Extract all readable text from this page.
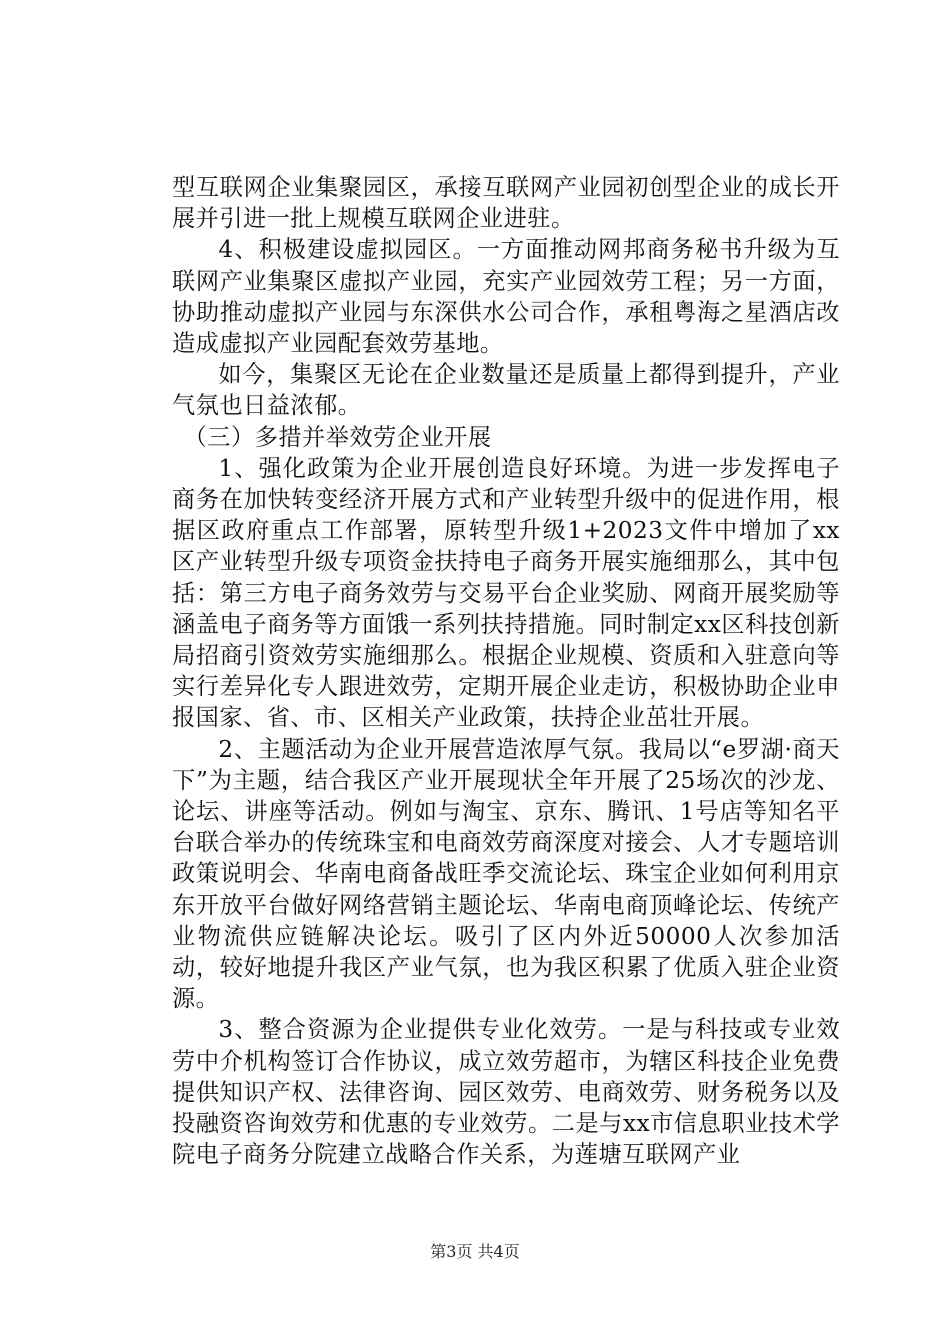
型互联网企业集聚园区，承接互联网产业园初创型企业的成长开展并引进一批上规模互联网企业进驻。

4、积极建设虚拟园区。一方面推动网邦商务秘书升级为互联网产业集聚区虚拟产业园，充实产业园效劳工程；另一方面，协助推动虚拟产业园与东深供水公司合作，承租粤海之星酒店改造成虚拟产业园配套效劳基地。

如今，集聚区无论在企业数量还是质量上都得到提升，产业气氛也日益浓郁。

（三）多措并举效劳企业开展

1、强化政策为企业开展创造良好环境。为进一步发挥电子商务在加快转变经济开展方式和产业转型升级中的促进作用，根据区政府重点工作部署，原转型升级1+2023文件中增加了xx区产业转型升级专项资金扶持电子商务开展实施细那么，其中包括：第三方电子商务效劳与交易平台企业奖励、网商开展奖励等涵盖电子商务等方面饿一系列扶持措施。同时制定xx区科技创新局招商引资效劳实施细那么。根据企业规模、资质和入驻意向等实行差异化专人跟进效劳，定期开展企业走访，积极协助企业申报国家、省、市、区相关产业政策，扶持企业茁壮开展。

2、主题活动为企业开展营造浓厚气氛。我局以“e罗湖·商天下”为主题，结合我区产业开展现状全年开展了25场次的沙龙、论坛、讲座等活动。例如与淘宝、京东、腾讯、1号店等知名平台联合举办的传统珠宝和电商效劳商深度对接会、人才专题培训政策说明会、华南电商备战旺季交流论坛、珠宝企业如何利用京东开放平台做好网络营销主题论坛、华南电商顶峰论坛、传统产业物流供应链解决论坛。吸引了区内外近50000人次参加活动，较好地提升我区产业气氛，也为我区积累了优质入驻企业资源。

3、整合资源为企业提供专业化效劳。一是与科技或专业效劳中介机构签订合作协议，成立效劳超市，为辖区科技企业免费提供知识产权、法律咨询、园区效劳、电商效劳、财务税务以及投融资咨询效劳和优惠的专业效劳。二是与xx市信息职业技术学院电子商务分院建立战略合作关系，为莲塘互联网产业

第3页 共4页
